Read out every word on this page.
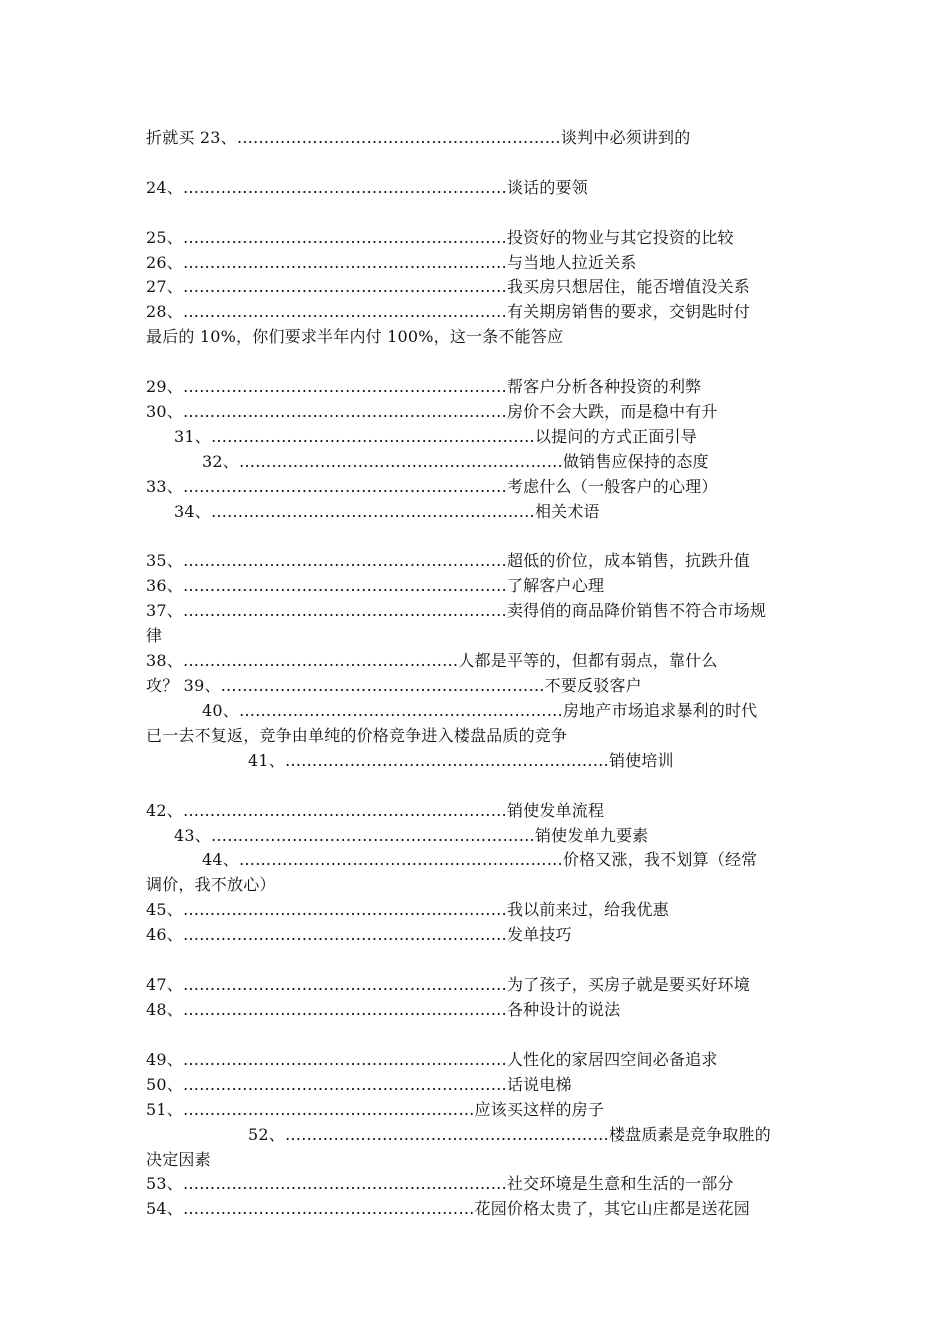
折就买 23、……………………………………………………谈判中必须讲到的
24、……………………………………………………谈话的要领
25、……………………………………………………投资好的物业与其它投资的比较
26、……………………………………………………与当地人拉近关系
27、……………………………………………………我买房只想居住，能否增值没关系
28、……………………………………………………有关期房销售的要求，交钥匙时付
最后的 10%，你们要求半年内付 100%，这一条不能答应
29、……………………………………………………帮客户分析各种投资的利弊
30、……………………………………………………房价不会大跌，而是稳中有升
31、……………………………………………………以提问的方式正面引导
32、……………………………………………………做销售应保持的态度
33、……………………………………………………考虑什么（一般客户的心理）
34、……………………………………………………相关术语
35、……………………………………………………超低的价位，成本销售，抗跌升值
36、……………………………………………………了解客户心理
37、……………………………………………………卖得俏的商品降价销售不符合市场规
律
38、……………………………………………人都是平等的，但都有弱点，靠什么
攻？ 39、……………………………………………………不要反驳客户
40、……………………………………………………房地产市场追求暴利的时代
已一去不复返，竞争由单纯的价格竞争进入楼盘品质的竞争
41、……………………………………………………销使培训
42、……………………………………………………销使发单流程
43、……………………………………………………销使发单九要素
44、……………………………………………………价格又涨，我不划算（经常
调价，我不放心）
45、……………………………………………………我以前来过，给我优惠
46、……………………………………………………发单技巧
47、……………………………………………………为了孩子，买房子就是要买好环境
48、……………………………………………………各种设计的说法
49、……………………………………………………人性化的家居四空间必备追求
50、……………………………………………………话说电梯
51、………………………………………………应该买这样的房子
52、……………………………………………………楼盘质素是竞争取胜的
决定因素
53、……………………………………………………社交环境是生意和生活的一部分
54、………………………………………………花园价格太贵了，其它山庄都是送花园
